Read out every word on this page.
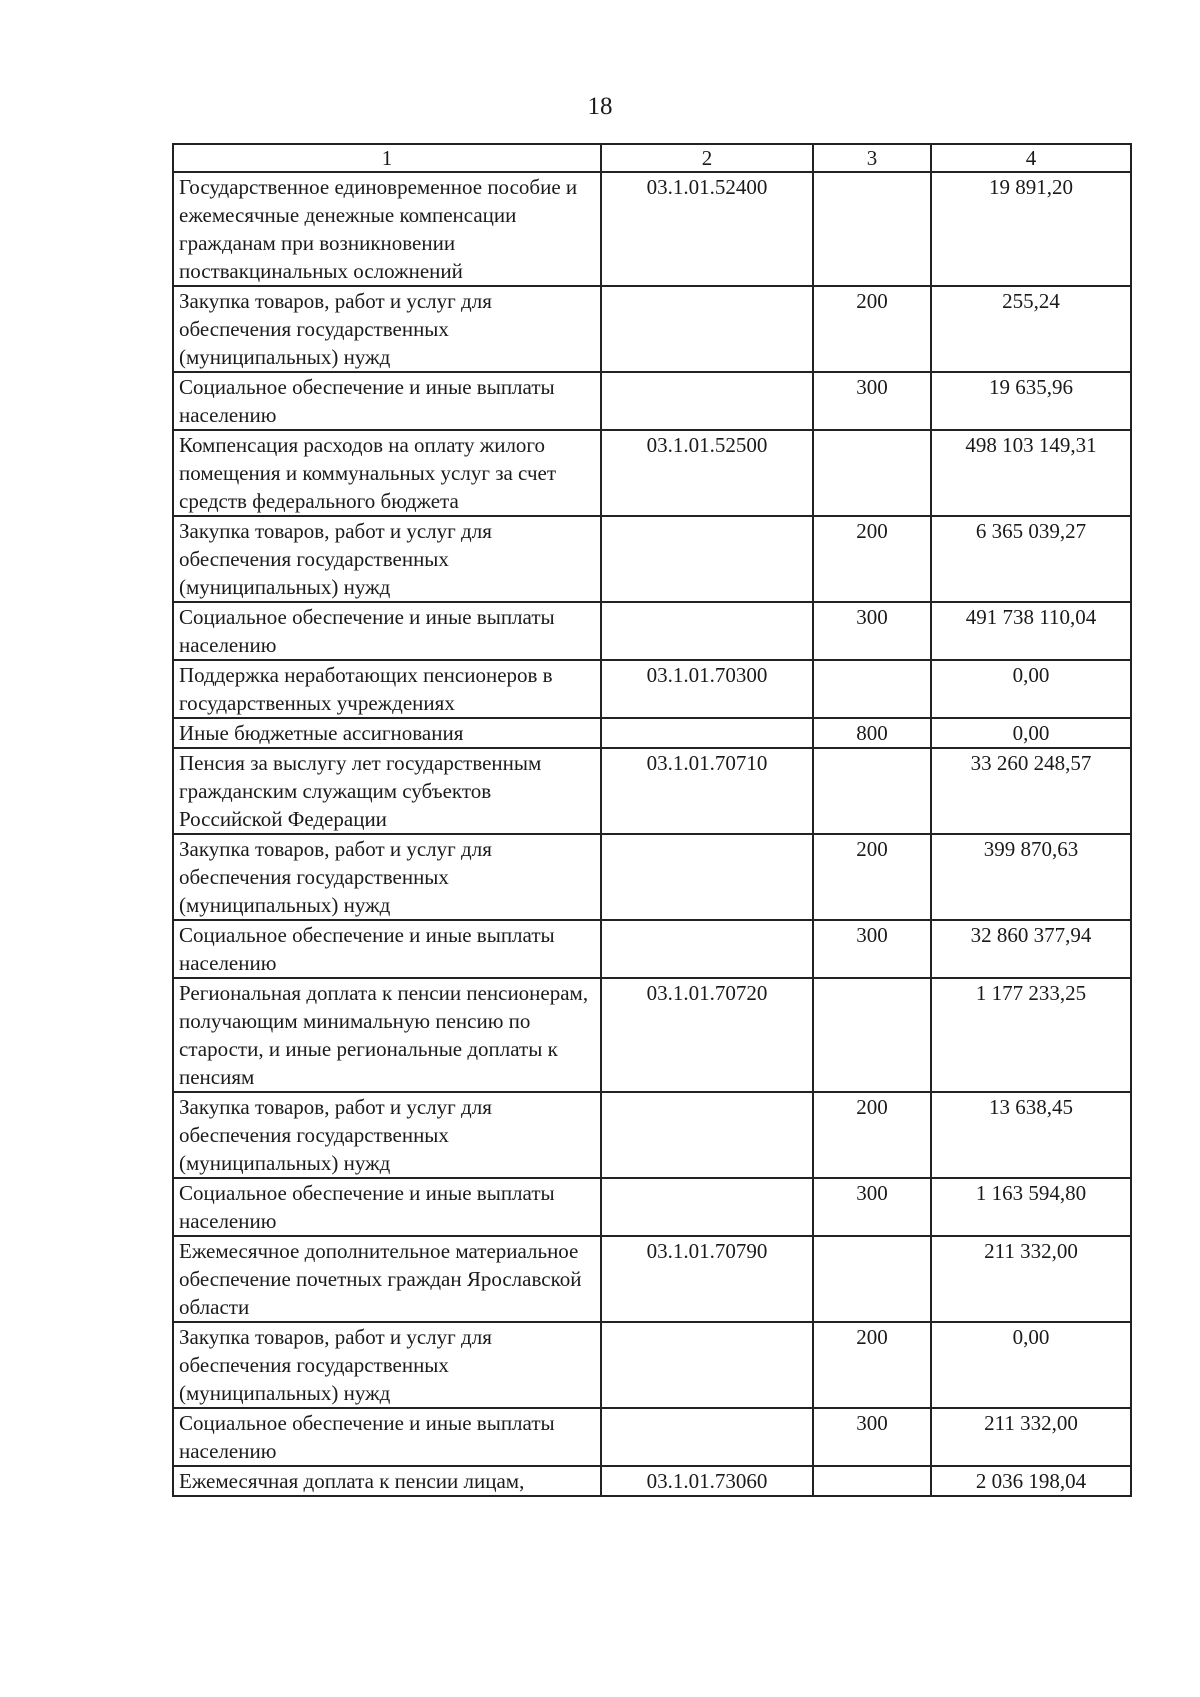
18
1	2	3	4
Государственное единовременное пособие и ежемесячные денежные компенсации гражданам при возникновении поствакцинальных осложнений	03.1.01.52400		19 891,20
Закупка товаров, работ и услуг для обеспечения государственных (муниципальных) нужд		200	255,24
Социальное обеспечение и иные выплаты населению		300	19 635,96
Компенсация расходов на оплату жилого помещения и коммунальных услуг за счет средств федерального бюджета	03.1.01.52500		498 103 149,31
Закупка товаров, работ и услуг для обеспечения государственных (муниципальных) нужд		200	6 365 039,27
Социальное обеспечение и иные выплаты населению		300	491 738 110,04
Поддержка неработающих пенсионеров в государственных учреждениях	03.1.01.70300		0,00
Иные бюджетные ассигнования		800	0,00
Пенсия за выслугу лет государственным гражданским служащим субъектов Российской Федерации	03.1.01.70710		33 260 248,57
Закупка товаров, работ и услуг для обеспечения государственных (муниципальных) нужд		200	399 870,63
Социальное обеспечение и иные выплаты населению		300	32 860 377,94
Региональная доплата к пенсии пенсионерам, получающим минимальную пенсию по старости, и иные региональные доплаты к пенсиям	03.1.01.70720		1 177 233,25
Закупка товаров, работ и услуг для обеспечения государственных (муниципальных) нужд		200	13 638,45
Социальное обеспечение и иные выплаты населению		300	1 163 594,80
Ежемесячное дополнительное материальное обеспечение почетных граждан Ярославской области	03.1.01.70790		211 332,00
Закупка товаров, работ и услуг для обеспечения государственных (муниципальных) нужд		200	0,00
Социальное обеспечение и иные выплаты населению		300	211 332,00
Ежемесячная доплата к пенсии лицам,	03.1.01.73060		2 036 198,04
